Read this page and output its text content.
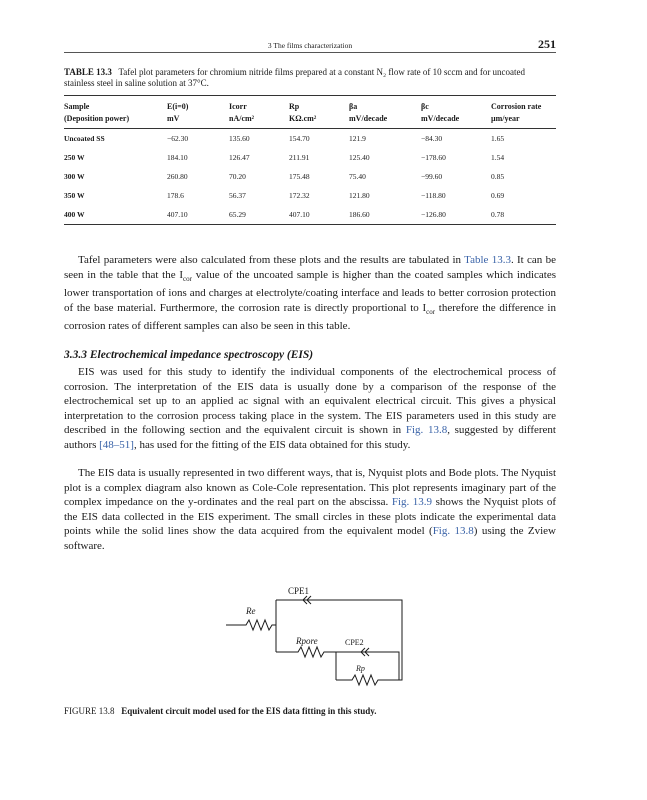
3 The films characterization	251
TABLE 13.3 Tafel plot parameters for chromium nitride films prepared at a constant N₂ flow rate of 10 sccm and for uncoated stainless steel in saline solution at 37°C.
Sample	E(i=0)	Icorr	Rp	βa	βc	Corrosion rate
(Deposition power)	mV	nA/cm²	KΩ.cm²	mV/decade	mV/decade	µm/year
Uncoated SS	−62.30	135.60	154.70	121.9	−84.30	1.65
250 W	184.10	126.47	211.91	125.40	−178.60	1.54
300 W	260.80	70.20	175.48	75.40	−99.60	0.85
350 W	178.6	56.37	172.32	121.80	−118.80	0.69
400 W	407.10	65.29	407.10	186.60	−126.80	0.78

Tafel parameters were also calculated from these plots and the results are tabulated in Table 13.3. It can be seen in the table that the $I_{cor}$ value of the uncoated sample is higher than the coated samples which indicates lower transportation of ions and charges at electrolyte/coating interface and leads to better corrosion protection of the base material. Furthermore, the corrosion rate is directly proportional to $I_{cor}$ therefore the difference in corrosion rates of different samples can also be seen in this table.

3.3.3 Electrochemical impedance spectroscopy (EIS)

EIS was used for this study to identify the individual components of the electrochemical process of corrosion. The interpretation of the EIS data is usually done by a comparison of the response of the electrochemical set up to an applied ac signal with an equivalent electrical circuit. This gives a physical interpretation to the corrosion process taking place in the system. The EIS parameters used in this study are described in the following section and the equivalent circuit is shown in Fig. 13.8, suggested by different authors [48–51], has used for the fitting of the EIS data obtained for this study.

The EIS data is usually represented in two different ways, that is, Nyquist plots and Bode plots. The Nyquist plot is a complex diagram also known as Cole-Cole representation. This plot represents imaginary part of the complex impedance on the y-ordinates and the real part on the abscissa. Fig. 13.9 shows the Nyquist plots of the EIS data collected in the EIS experiment. The small circles in these plots indicate the experimental data points while the solid lines show the data acquired from the equivalent model (Fig. 13.8) using the Zview software.

CPE1
Re
Rpore	CPE2
Rp
FIGURE 13.8 Equivalent circuit model used for the EIS data fitting in this study.
